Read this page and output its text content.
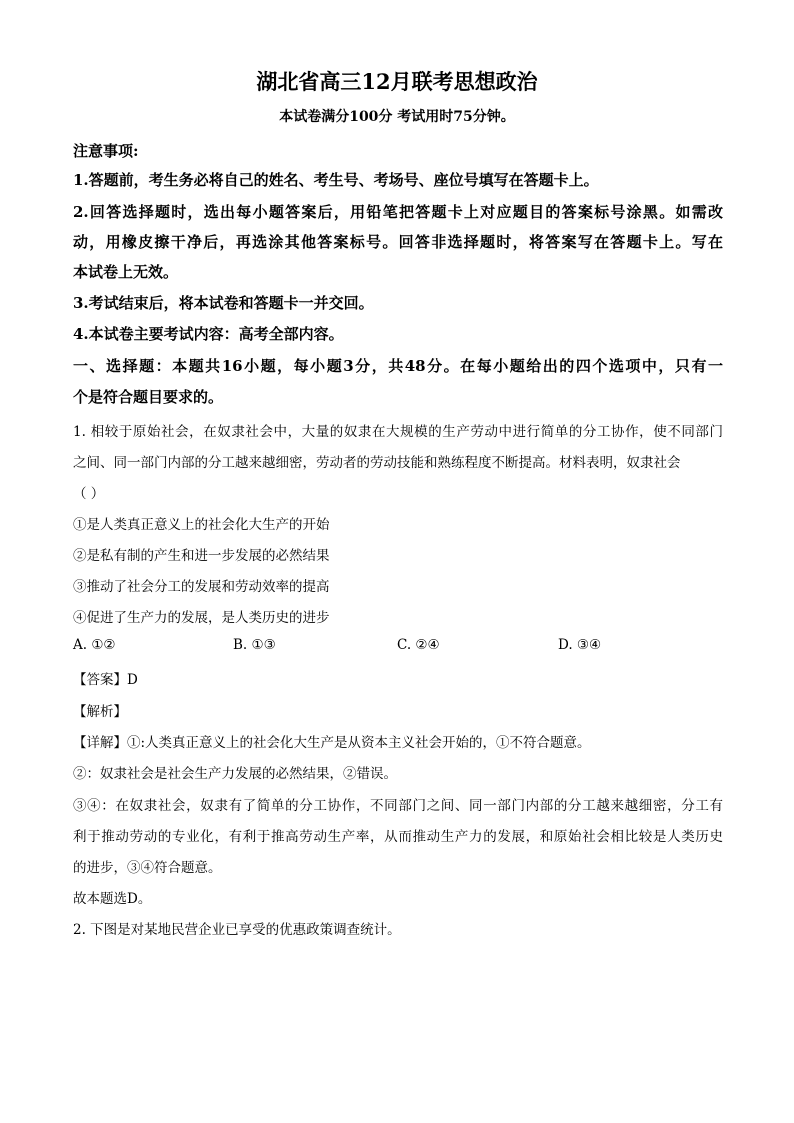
湖北省高三12月联考思想政治
本试卷满分100分 考试用时75分钟。
注意事项:
1.答题前，考生务必将自己的姓名、考生号、考场号、座位号填写在答题卡上。
2.回答选择题时，选出每小题答案后，用铅笔把答题卡上对应题目的答案标号涂黑。如需改
动，用橡皮擦干净后，再选涂其他答案标号。回答非选择题时，将答案写在答题卡上。写在
本试卷上无效。
3.考试结束后，将本试卷和答题卡一并交回。
4.本试卷主要考试内容：高考全部内容。
一、选择题：本题共16小题，每小题3分，共48分。在每小题给出的四个选项中，只有一
个是符合题目要求的。
1. 相较于原始社会，在奴隶社会中，大量的奴隶在大规模的生产劳动中进行简单的分工协作，使不同部门
之间、同一部门内部的分工越来越细密，劳动者的劳动技能和熟练程度不断提高。材料表明，奴隶社会
（ ）
①是人类真正意义上的社会化大生产的开始
②是私有制的产生和进一步发展的必然结果
③推动了社会分工的发展和劳动效率的提高
④促进了生产力的发展，是人类历史的进步
A. ①②	B. ①③	C. ②④	D. ③④
【答案】D
【解析】
【详解】①:人类真正意义上的社会化大生产是从资本主义社会开始的，①不符合题意。
②：奴隶社会是社会生产力发展的必然结果，②错误。
③④：在奴隶社会，奴隶有了简单的分工协作，不同部门之间、同一部门内部的分工越来越细密，分工有
利于推动劳动的专业化，有利于推高劳动生产率，从而推动生产力的发展，和原始社会相比较是人类历史
的进步，③④符合题意。
故本题选D。
2. 下图是对某地民营企业已享受的优惠政策调查统计。
